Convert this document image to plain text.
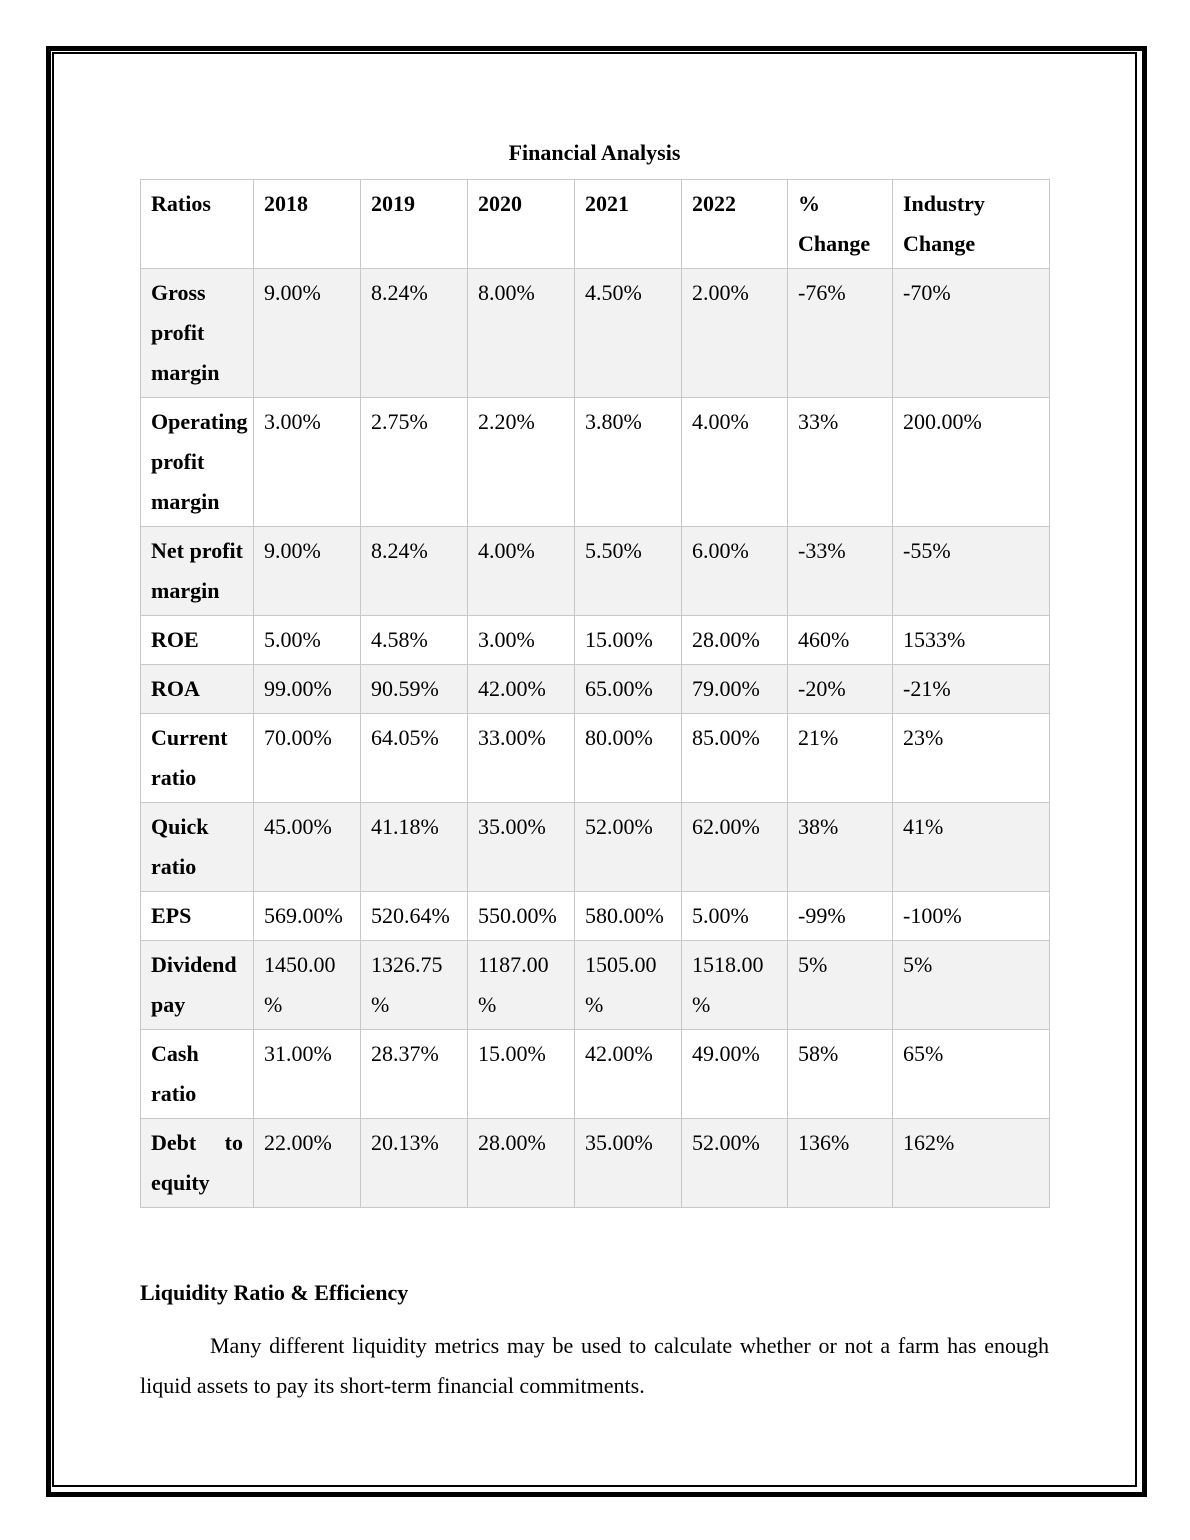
Financial Analysis

Ratios	2018	2019	2020	2021	2022	% Change	Industry Change
Gross profit margin	9.00%	8.24%	8.00%	4.50%	2.00%	-76%	-70%
Operating profit margin	3.00%	2.75%	2.20%	3.80%	4.00%	33%	200.00%
Net profit margin	9.00%	8.24%	4.00%	5.50%	6.00%	-33%	-55%
ROE	5.00%	4.58%	3.00%	15.00%	28.00%	460%	1533%
ROA	99.00%	90.59%	42.00%	65.00%	79.00%	-20%	-21%
Current ratio	70.00%	64.05%	33.00%	80.00%	85.00%	21%	23%
Quick ratio	45.00%	41.18%	35.00%	52.00%	62.00%	38%	41%
EPS	569.00%	520.64%	550.00%	580.00%	5.00%	-99%	-100%
Dividend pay	1450.00 %	1326.75 %	1187.00 %	1505.00 %	1518.00 %	5%	5%
Cash ratio	31.00%	28.37%	15.00%	42.00%	49.00%	58%	65%
Debt to equity	22.00%	20.13%	28.00%	35.00%	52.00%	136%	162%

Liquidity Ratio & Efficiency

Many different liquidity metrics may be used to calculate whether or not a farm has enough liquid assets to pay its short-term financial commitments.
